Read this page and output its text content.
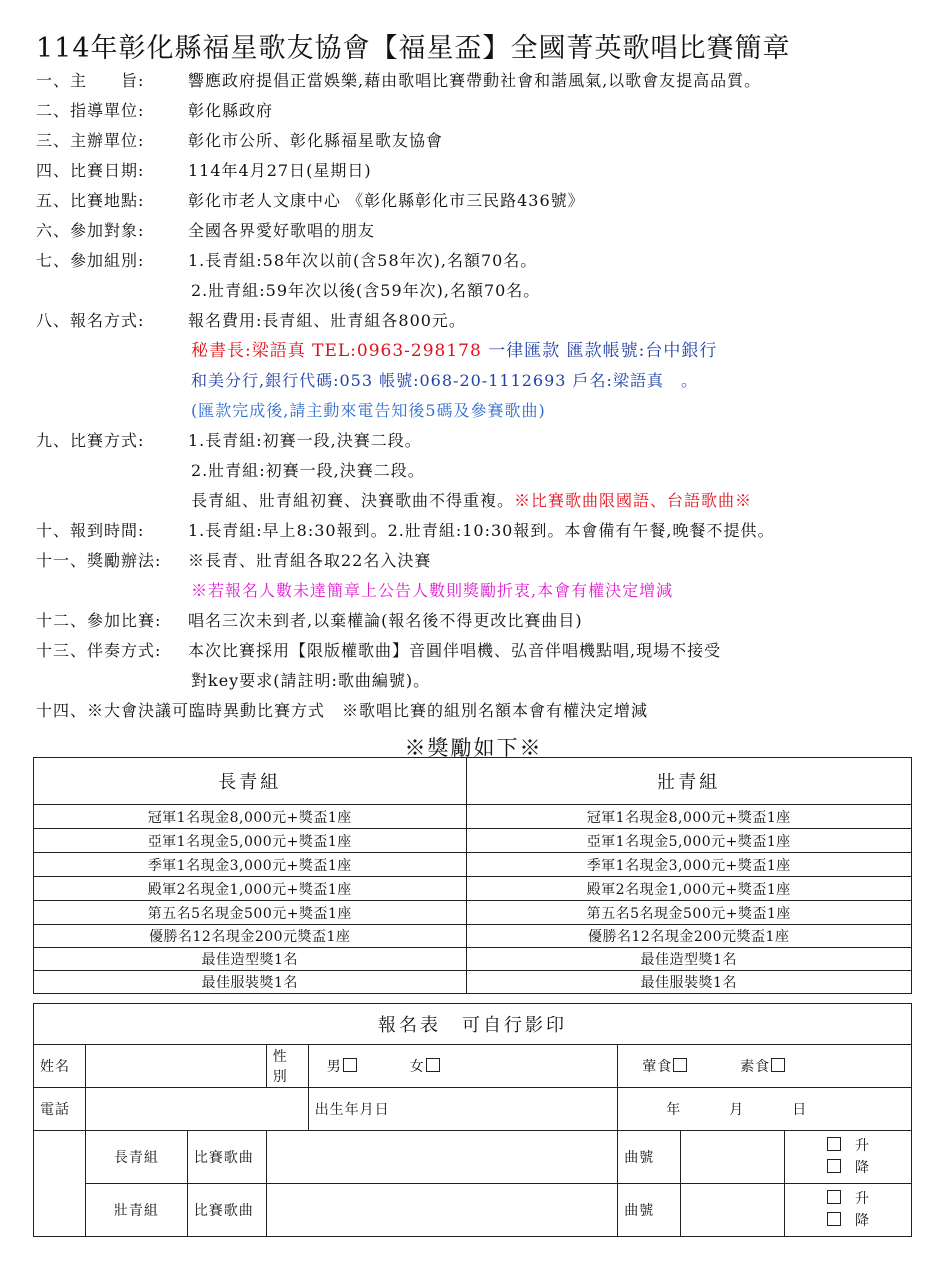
114年彰化縣福星歌友協會【福星盃】全國菁英歌唱比賽簡章
一、主　　旨:	響應政府提倡正當娛樂,藉由歌唱比賽帶動社會和諧風氣,以歌會友提高品質。
二、指導單位:	彰化縣政府
三、主辦單位:	彰化市公所、彰化縣福星歌友協會
四、比賽日期:	114年4月27日(星期日)
五、比賽地點:	彰化市老人文康中心 《彰化縣彰化市三民路436號》
六、參加對象:	全國各界愛好歌唱的朋友
七、參加組別:	1.長青組:58年次以前(含58年次),名額70名。
2.壯青組:59年次以後(含59年次),名額70名。
八、報名方式:	報名費用:長青組、壯青組各800元。
秘書長:梁語真 TEL:0963-298178 一律匯款 匯款帳號:台中銀行
和美分行,銀行代碼:053 帳號:068-20-1112693 戶名:梁語真　。
(匯款完成後,請主動來電告知後5碼及參賽歌曲)
九、比賽方式:	1.長青組:初賽一段,決賽二段。
2.壯青組:初賽一段,決賽二段。
長青組、壯青組初賽、決賽歌曲不得重複。※比賽歌曲限國語、台語歌曲※
十、報到時間:	1.長青組:早上8:30報到。2.壯青組:10:30報到。本會備有午餐,晚餐不提供。
十一、獎勵辦法: ※長青、壯青組各取22名入決賽
※若報名人數未達簡章上公告人數則獎勵折衷,本會有權決定增減
十二、參加比賽: 唱名三次未到者,以棄權論(報名後不得更改比賽曲目)
十三、伴奏方式: 本次比賽採用【限版權歌曲】音圓伴唱機、弘音伴唱機點唱,現場不接受
對key要求(請註明:歌曲編號)。
十四、※大會決議可臨時異動比賽方式　※歌唱比賽的組別名額本會有權決定增減
※獎勵如下※
長青組	壯青組
冠軍1名現金8,000元+獎盃1座	冠軍1名現金8,000元+獎盃1座
亞軍1名現金5,000元+獎盃1座	亞軍1名現金5,000元+獎盃1座
季軍1名現金3,000元+獎盃1座	季軍1名現金3,000元+獎盃1座
殿軍2名現金1,000元+獎盃1座	殿軍2名現金1,000元+獎盃1座
第五名5名現金500元+獎盃1座	第五名5名現金500元+獎盃1座
優勝名12名現金200元獎盃1座	優勝名12名現金200元獎盃1座
最佳造型獎1名	最佳造型獎1名
最佳服裝獎1名	最佳服裝獎1名
報名表　可自行影印							
姓名			性別	男 女	葷食 素食		
電話				出生年月日	年 月 日		
	長青組	比賽歌曲			曲號		升
降

	壯青組	比賽歌曲			曲號		升
降
